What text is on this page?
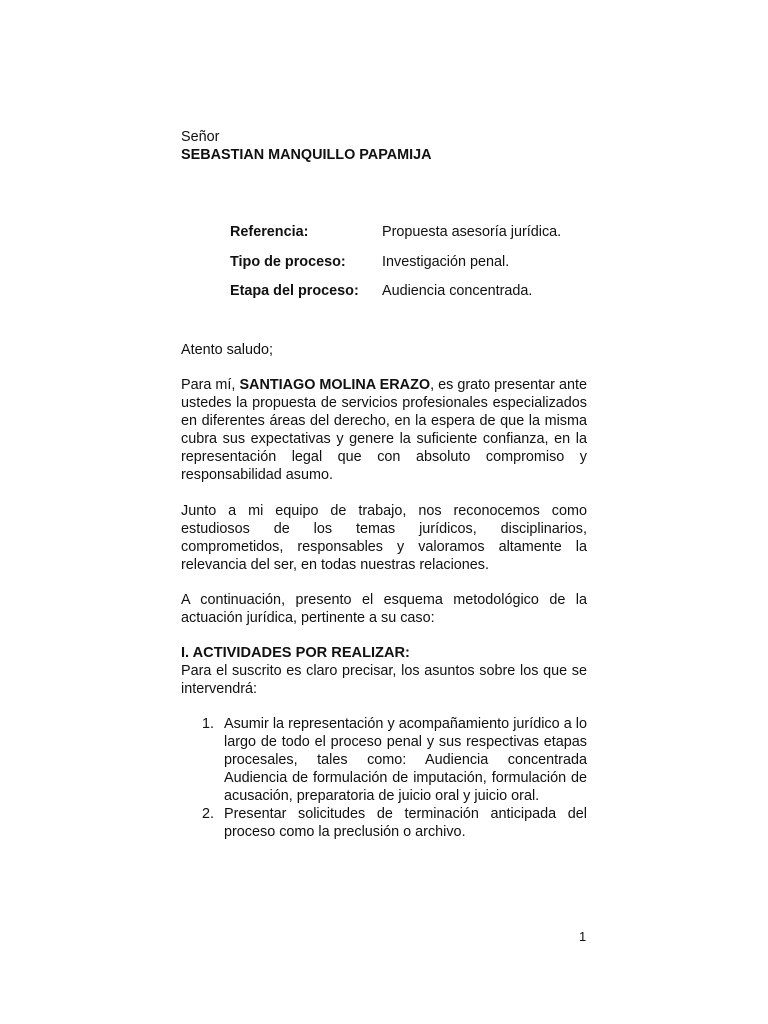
Señor
SEBASTIAN MANQUILLO PAPAMIJA
Referencia:	Propuesta asesoría jurídica.
Tipo de proceso:	Investigación penal.
Etapa del proceso:	Audiencia concentrada.

Atento saludo;

Para mí, SANTIAGO MOLINA ERAZO, es grato presentar ante ustedes la propuesta de servicios profesionales especializados en diferentes áreas del derecho, en la espera de que la misma cubra sus expectativas y genere la suficiente confianza, en la representación legal que con absoluto compromiso y responsabilidad asumo.

Junto a mi equipo de trabajo, nos reconocemos como estudiosos de los temas jurídicos, disciplinarios, comprometidos, responsables y valoramos altamente la relevancia del ser, en todas nuestras relaciones.

A continuación, presento el esquema metodológico de la actuación jurídica, pertinente a su caso:

I. ACTIVIDADES POR REALIZAR:

Para el suscrito es claro precisar, los asuntos sobre los que se intervendrá:

1. Asumir la representación y acompañamiento jurídico a lo largo de todo el proceso penal y sus respectivas etapas procesales, tales como: Audiencia concentrada Audiencia de formulación de imputación, formulación de acusación, preparatoria de juicio oral y juicio oral.

2. Presentar solicitudes de terminación anticipada del proceso como la preclusión o archivo.

1
